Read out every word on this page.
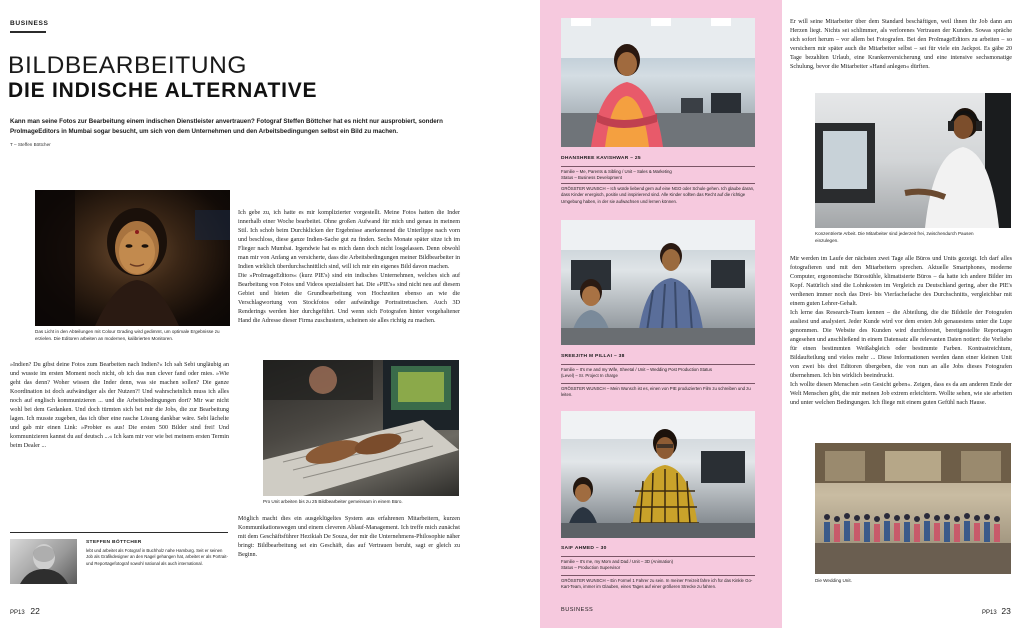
BUSINESS
BILDBEARBEITUNG
DIE INDISCHE ALTERNATIVE
Kann man seine Fotos zur Bearbeitung einem indischen Dienstleister anvertrauen? Fotograf Steffen Böttcher hat es nicht nur ausprobiert, sondern ProImageEditors in Mumbai sogar besucht, um sich von dem Unternehmen und den Arbeitsbedingungen selbst ein Bild zu machen.
T – Steffen Böttcher
Das Licht in den Abteilungen mit Colour Grading wird gedimmt, um optimale Ergebnisse zu erzielen. Die Editoren arbeiten an modernen, kalibrierten Monitoren.
»Indien? Du gibst deine Fotos zum Bearbeiten nach Indien?« Ich sah Sebi ungläubig an und wusste im ersten Moment noch nicht, ob ich das nun clever fand oder mies. »Wie geht das denn? Woher wissen die Inder denn, was sie machen sollen? Die ganze Koordination ist doch aufwändiger als der Nutzen?! Und wahrscheinlich muss ich alles noch auf englisch kommunizieren ... und die Arbeitsbedingungen dort? Mir war nicht wohl bei dem Gedanken. Und doch türmten sich bei mir die Jobs, die zur Bearbeitung lagen. Ich musste zugeben, das ich über eine rasche Lösung dankbar wäre. Sebi lächelte und gab mir einen Link: »Probier es aus! Die ersten 500 Bilder sind frei! Und kommunizieren kannst du auf deutsch ...« Ich kam mir vor wie bei meinem ersten Termin beim Dealer ...
Ich gebe zu, ich hatte es mir komplizierter vorgestellt. Meine Fotos hatten die Inder innerhalb einer Woche bearbeitet. Ohne großen Aufwand für mich und genau in meinem Stil. Ich schob beim Durchklicken der Ergebnisse anerkennend die Unterlippe nach vorn und beschloss, diese ganze Indien-Sache gut zu finden. Sechs Monate später sitze ich im Flieger nach Mumbai. Irgendwie hat es mich dann doch nicht losgelassen. Denn obwohl man mir von Anfang an versicherte, dass die Arbeitsbedingungen meiner Bildbearbeiter in Indien wirklich überdurchschnittlich sind, will ich mir ein eigenes Bild davon machen.
Die »ProImageEditors« (kurz PIE's) sind ein indisches Unternehmen, welches sich auf Bearbeitung von Fotos und Videos spezialisiert hat. Die »PIE's« sind nicht neu auf diesem Gebiet und bieten die Grundbearbeitung von Hochzeiten ebenso an wie die Verschlagwortung von Stockfotos oder aufwändige Portraitretuschen. Auch 3D Renderings werden hier durchgeführt. Und wenn sich Fotografen hinter vorgehaltener Hand die Adresse dieser Firma zuschustern, scheinen sie alles richtig zu machen.
Pro Unit arbeiten bis zu 25 Bildbearbeiter gemeinsam in einem Büro.
Möglich macht dies ein ausgeklügeltes System aus erfahrenen Mitarbeitern, kurzen Kommunikationswegen und einem cleveren Ablauf-Management. Ich treffe mich zunächst mit dem Geschäftsführer Hezikiah De Souza, der mir die Unternehmens-Philosophie näher bringt: Bildbearbeitung sei ein Geschäft, das auf Vertrauen beruht, sagt er gleich zu Beginn.
STEFFEN BÖTTCHER
lebt und arbeitet als Fotograf in Buchholz nahe Hamburg. Seit er seinen Job als Grafikdesigner an den Nagel gehangen hat, arbeitet er als Portrait- und Reportagefotograf sowohl national als auch international.
PP13 22
DHANSHREE KAVISHWAR – 25
Familie – Me, Parents & Sibling / Unit – Sales & Marketing
Status – Business Development
GRÖSSTER WUNSCH – Ich würde liebend gern auf eine NGO oder Schule gehen. Ich glaube daran, dass Kinder energisch, positiv und inspirierend sind. Alle Kinder sollten das Recht auf die richtige Umgebung haben, in der sie aufwachsen und lernen können.
SREEJITH M PILLAI – 38
Familie – It's me and my Wife, Sheetal / Unit – Wedding Post Production Status
(Level) – Sr. Project In charge
GRÖSSTER WUNSCH – Mein Wunsch ist es, einen von PIE produzierten Film zu schreiben und zu leiten.
SAIF AHMED – 30
Familie – It's me, my Mom and Dad / Unit – 3D (Animation)
Status – Production Supervisor
GRÖSSTER WUNSCH – Ein Formel 1 Fahrer zu sein. In meiner Freizeit fahre ich für das Kinkle Go-Kart-Team, immer im Glauben, eines Tages auf einer größeren Strecke zu fahren.
BUSINESS
Er will seine Mitarbeiter über dem Standard beschäftigen, weil ihnen ihr Job dann am Herzen liegt. Nichts sei schlimmer, als verlorenes Vertrauen der Kunden. Sowas spräche sich sofort herum – vor allem bei Fotografen. Bei den ProImageEditors zu arbeiten – so versichern mir später auch die Mitarbeiter selbst – sei für viele ein Jackpot. Es gäbe 20 Tage bezahlten Urlaub, eine Krankenversicherung und eine intensive sechsmonatige Schulung, bevor die Mitarbeiter »Hand anlegen« dürften.
Konzentrierte Arbeit. Die Mitarbeiter sind jederzeit frei, zwischendurch Pausen einzulegen.
Mir werden im Laufe der nächsten zwei Tage alle Büros und Units gezeigt. Ich darf alles fotografieren und mit den Mitarbeitern sprechen. Aktuelle Smartphones, moderne Computer, ergonomische Bürostühle, klimatisierte Büros – da hatte ich andere Bilder im Kopf. Natürlich sind die Lohnkosten im Vergleich zu Deutschland gering, aber die PIE's verdienen immer noch das Drei- bis Vierfachefache des Durchschnitts, vergleichbar mit einem guten Lehrer-Gehalt.
Ich lerne das Research-Team kennen – die Abteilung, die die Bildstile der Fotografen ausliest und analysiert. Jeder Kunde wird vor dem ersten Job genauestens unter die Lupe genommen. Die Website des Kunden wird durchforstet, bereitgestellte Reportagen angesehen und anschließend in einem Datensatz alle relevanten Daten notiert: die Vorliebe für einen bestimmten Weißabgleich oder bestimmte Farben. Kontrastreichtum, Bildaufteilung und vieles mehr ... Diese Informationen werden dann einer kleinen Unit von zwei bis drei Editoren übergeben, die von nun an alle Jobs dieses Fotografen übernehmen. Ich bin wirklich beeindruckt.
Ich wollte diesen Menschen »ein Gesicht geben«. Zeigen, dass es da am anderen Ende der Welt Menschen gibt, die mir meinen Job extrem erleichtern. Wollte sehen, wie sie arbeiten und unter welchen Bedingungen. Ich fliege mit einem guten Gefühl nach Hause.
Die Wedding Unit.
PP13 23
